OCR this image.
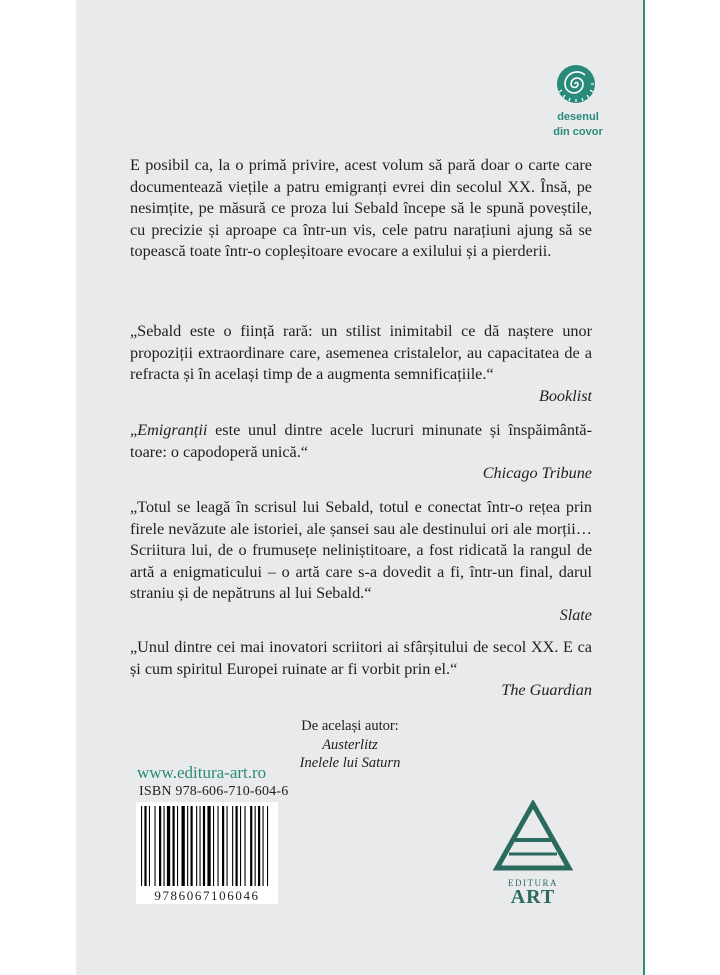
desenul
din covor
E posibil ca, la o primă privire, acest volum să pară doar o carte care documentează viețile a patru emigranți evrei din secolul XX. Însă, pe nesimțite, pe măsură ce proza lui Sebald începe să le spună poveștile, cu precizie și aproape ca într-un vis, cele patru narațiuni ajung să se topească toate într-o copleșitoare evocare a exilului și a pierderii.
„Sebald este o ființă rară: un stilist inimitabil ce dă naștere unor propoziții extraordinare care, asemenea cristalelor, au capacitatea de a refracta și în același timp de a augmenta semnificațiile.“
Booklist
„Emigranții este unul dintre acele lucruri minunate și înspăimântătoare: o capodoperă unică.“
Chicago Tribune
„Totul se leagă în scrisul lui Sebald, totul e conectat într-o rețea prin firele nevăzute ale istoriei, ale șansei sau ale destinului ori ale morții… Scriitura lui, de o frumusețe neliniștitoare, a fost ridicată la rangul de artă a enigmaticului – o artă care s-a dovedit a fi, într-un final, darul straniu și de nepătruns al lui Sebald.“
Slate
„Unul dintre cei mai inovatori scriitori ai sfârșitului de secol XX. E ca și cum spiritul Europei ruinate ar fi vorbit prin el.“
The Guardian
De același autor:
Austerlitz
Inelele lui Saturn
www.editura-art.ro
ISBN 978-606-710-604-6
9786067106046
EDITURA
ART
